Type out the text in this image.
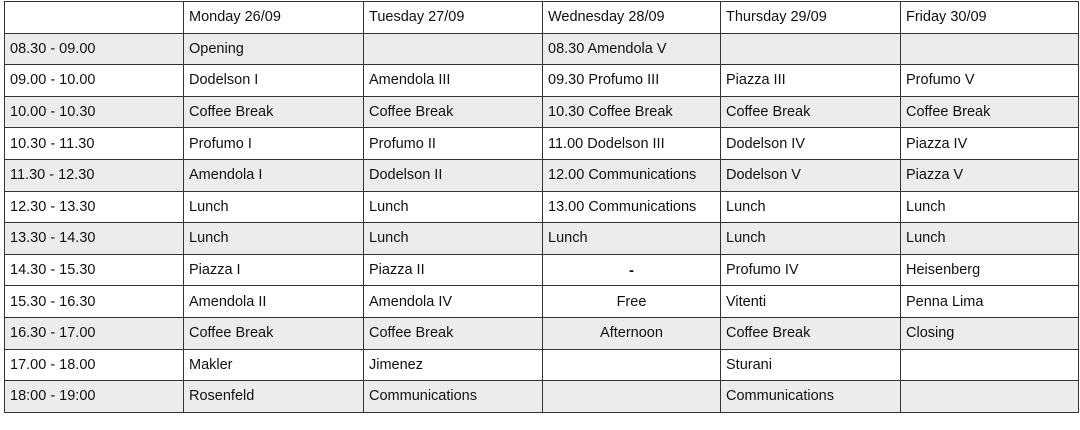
	Monday 26/09	Tuesday 27/09	Wednesday 28/09	Thursday 29/09	Friday 30/09
08.30 - 09.00	Opening		08.30 Amendola V		
09.00 - 10.00	Dodelson I	Amendola III	09.30 Profumo III	Piazza III	Profumo V
10.00 - 10.30	Coffee Break	Coffee Break	10.30 Coffee Break	Coffee Break	Coffee Break
10.30 - 11.30	Profumo I	Profumo II	11.00 Dodelson III	Dodelson IV	Piazza IV
11.30 - 12.30	Amendola I	Dodelson II	12.00 Communications	Dodelson V	Piazza V
12.30 - 13.30	Lunch	Lunch	13.00 Communications	Lunch	Lunch
13.30 - 14.30	Lunch	Lunch	Lunch	Lunch	Lunch
14.30 - 15.30	Piazza I	Piazza II	-	Profumo IV	Heisenberg
15.30 - 16.30	Amendola II	Amendola IV	Free	Vitenti	Penna Lima
16.30 - 17.00	Coffee Break	Coffee Break	Afternoon	Coffee Break	Closing
17.00 - 18.00	Makler	Jimenez		Sturani	
18:00 - 19:00	Rosenfeld	Communications		Communications	
